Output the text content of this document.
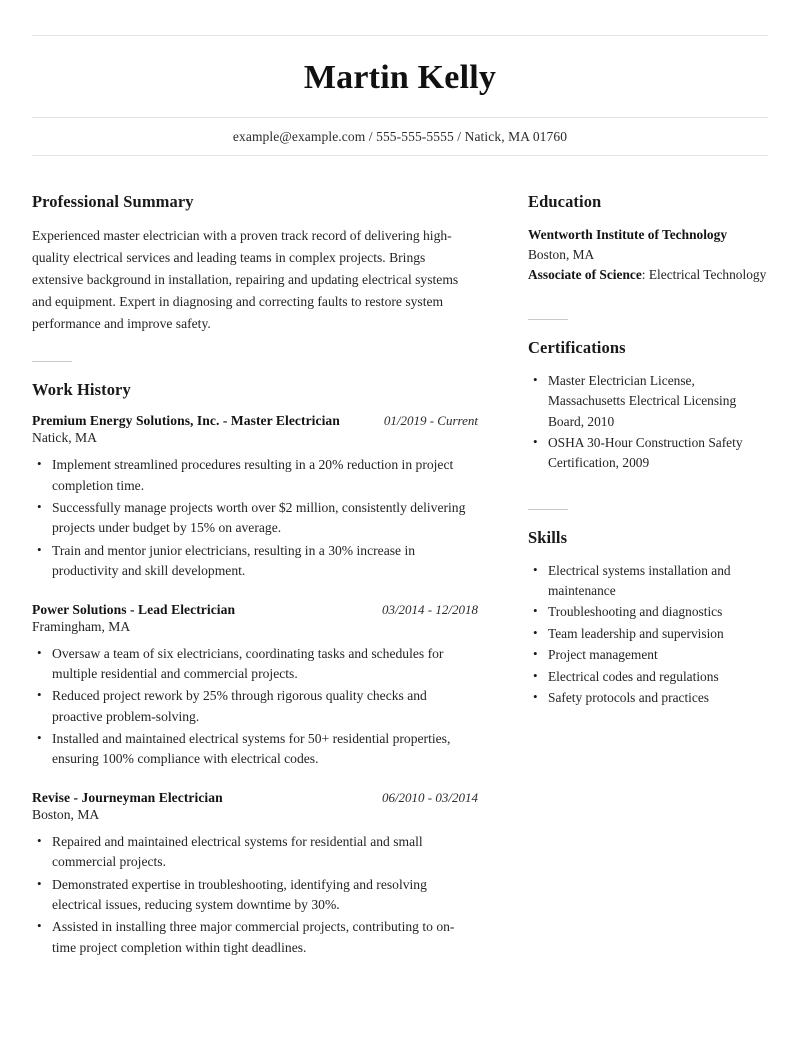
Martin Kelly
example@example.com / 555-555-5555 / Natick, MA 01760
Professional Summary
Experienced master electrician with a proven track record of delivering high-quality electrical services and leading teams in complex projects. Brings extensive background in installation, repairing and updating electrical systems and equipment. Expert in diagnosing and correcting faults to restore system performance and improve safety.
Work History
Premium Energy Solutions, Inc. - Master Electrician	01/2019 - Current
Natick, MA
• Implement streamlined procedures resulting in a 20% reduction in project completion time.
• Successfully manage projects worth over $2 million, consistently delivering projects under budget by 15% on average.
• Train and mentor junior electricians, resulting in a 30% increase in productivity and skill development.
Power Solutions - Lead Electrician	03/2014 - 12/2018
Framingham, MA
• Oversaw a team of six electricians, coordinating tasks and schedules for multiple residential and commercial projects.
• Reduced project rework by 25% through rigorous quality checks and proactive problem-solving.
• Installed and maintained electrical systems for 50+ residential properties, ensuring 100% compliance with electrical codes.
Revise - Journeyman Electrician	06/2010 - 03/2014
Boston, MA
• Repaired and maintained electrical systems for residential and small commercial projects.
• Demonstrated expertise in troubleshooting, identifying and resolving electrical issues, reducing system downtime by 30%.
• Assisted in installing three major commercial projects, contributing to on-time project completion within tight deadlines.
Education
Wentworth Institute of Technology
Boston, MA
Associate of Science: Electrical Technology
Certifications
• Master Electrician License, Massachusetts Electrical Licensing Board, 2010
• OSHA 30-Hour Construction Safety Certification, 2009
Skills
• Electrical systems installation and maintenance
• Troubleshooting and diagnostics
• Team leadership and supervision
• Project management
• Electrical codes and regulations
• Safety protocols and practices
